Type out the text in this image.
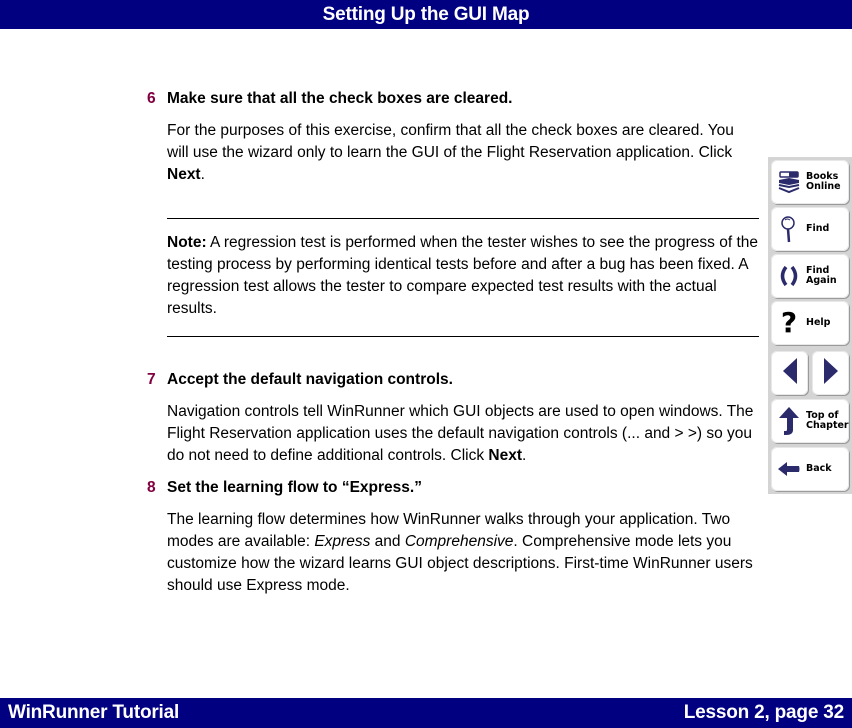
Setting Up the GUI Map

6 Make sure that all the check boxes are cleared.

For the purposes of this exercise, confirm that all the check boxes are cleared. You will use the wizard only to learn the GUI of the Flight Reservation application. Click Next.

Note: A regression test is performed when the tester wishes to see the progress of the testing process by performing identical tests before and after a bug has been fixed. A regression test allows the tester to compare expected test results with the actual results.

7 Accept the default navigation controls.

Navigation controls tell WinRunner which GUI objects are used to open windows. The Flight Reservation application uses the default navigation controls (... and > >) so you do not need to define additional controls. Click Next.

8 Set the learning flow to “Express.”

The learning flow determines how WinRunner walks through your application. Two modes are available: Express and Comprehensive. Comprehensive mode lets you customize how the wizard learns GUI object descriptions. First-time WinRunner users should use Express mode.

Books
Online
Find
Find
Again
? Help
Top of
Chapter
Back
WinRunner Tutorial	Lesson 2, page 32
